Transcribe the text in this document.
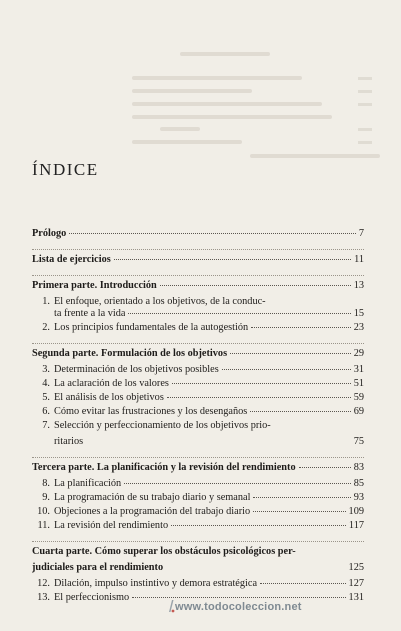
ÍNDICE
Prólogo	7
Lista de ejercicios	11
Primera parte. Introducción	13
1. El enfoque, orientado a los objetivos, de la conduc-
ta frente a la vida	15
2. Los principios fundamentales de la autogestión	23
Segunda parte. Formulación de los objetivos	29
3. Determinación de los objetivos posibles	31
4. La aclaración de los valores	51
5. El análisis de los objetivos	59
6. Cómo evitar las frustraciones y los desengaños	69
7. Selección y perfeccionamiento de los objetivos prio-
ritarios	75
Tercera parte. La planificación y la revisión del rendimiento	83
8. La planificación	85
9. La programación de su trabajo diario y semanal	93
10. Objeciones a la programación del trabajo diario	109
11. La revisión del rendimiento	117
Cuarta parte. Cómo superar los obstáculos psicológicos per-
judiciales para el rendimiento	125
12. Dilación, impulso instintivo y demora estratégica	127
13. El perfeccionismo	131
www.todocoleccion.net
